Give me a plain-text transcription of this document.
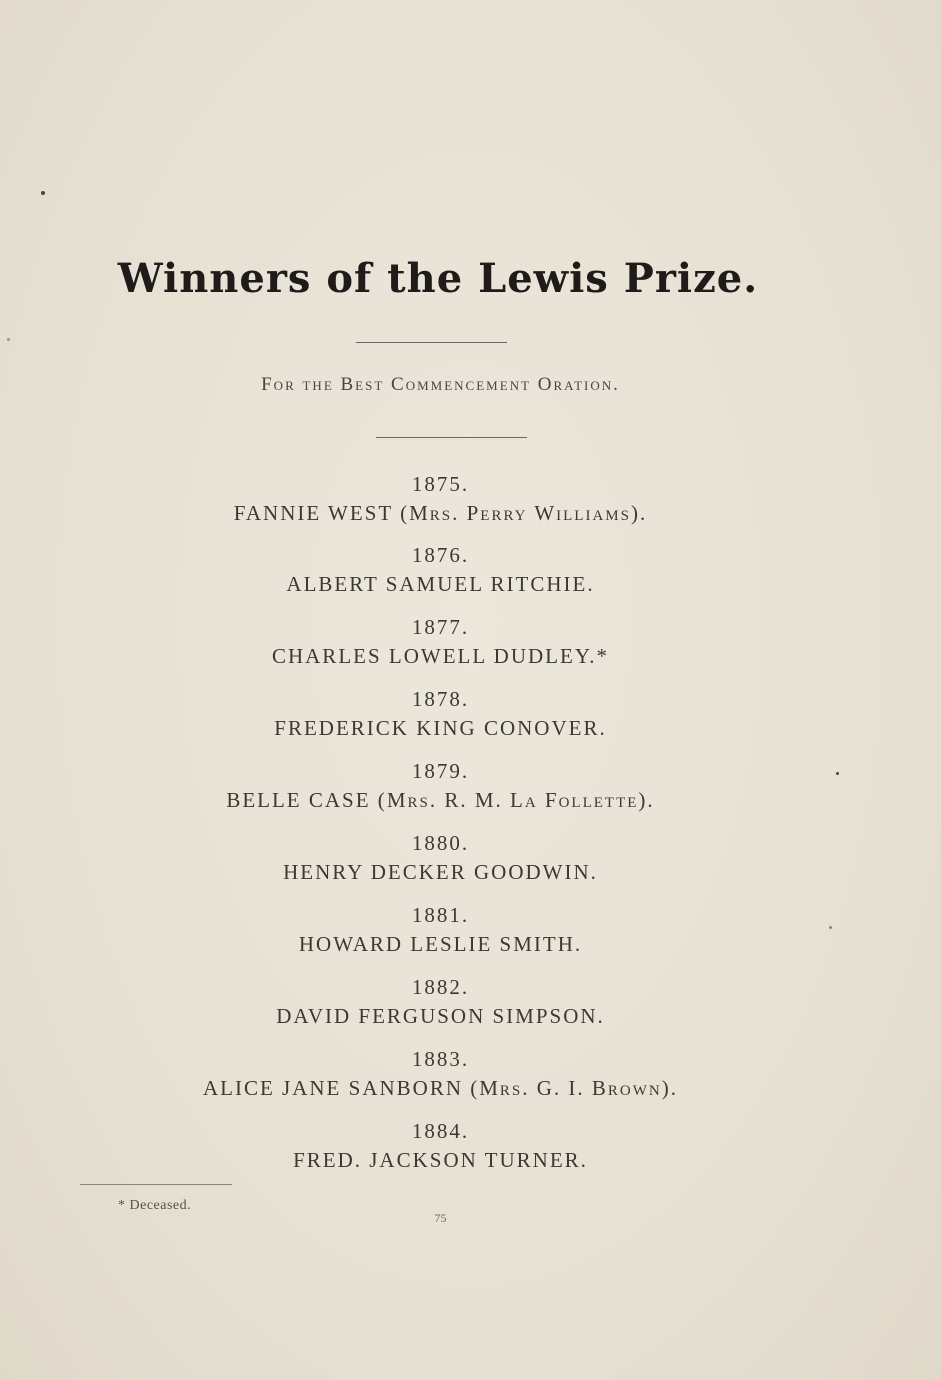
Winners of the Lewis Prize.
For the Best Commencement Oration.
1875.
FANNIE WEST (Mrs. Perry Williams).
1876.
ALBERT SAMUEL RITCHIE.
1877.
CHARLES LOWELL DUDLEY.*
1878.
FREDERICK KING CONOVER.
1879.
BELLE CASE (Mrs. R. M. La Follette).
1880.
HENRY DECKER GOODWIN.
1881.
HOWARD LESLIE SMITH.
1882.
DAVID FERGUSON SIMPSON.
1883.
ALICE JANE SANBORN (Mrs. G. I. Brown).
1884.
FRED. JACKSON TURNER.
* Deceased.
75
